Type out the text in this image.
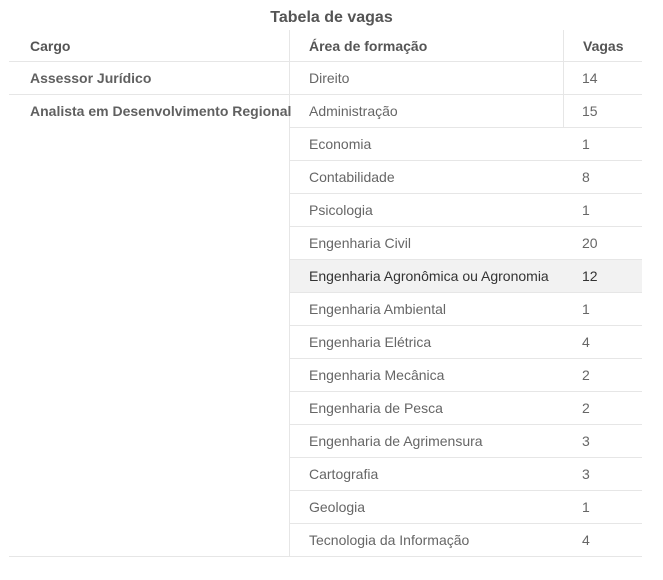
Tabela de vagas
Cargo	Área de formação	Vagas
Assessor Jurídico
Analista em Desenvolvimento Regional
Direito	14
Administração	15
Economia	1
Contabilidade	8
Psicologia	1
Engenharia Civil	20
Engenharia Agronômica ou Agronomia 12
Engenharia Ambiental	1
Engenharia Elétrica	4
Engenharia Mecânica	2
Engenharia de Pesca	2
Engenharia de Agrimensura	3
Cartografia	3
Geologia	1
Tecnologia da Informação	4
